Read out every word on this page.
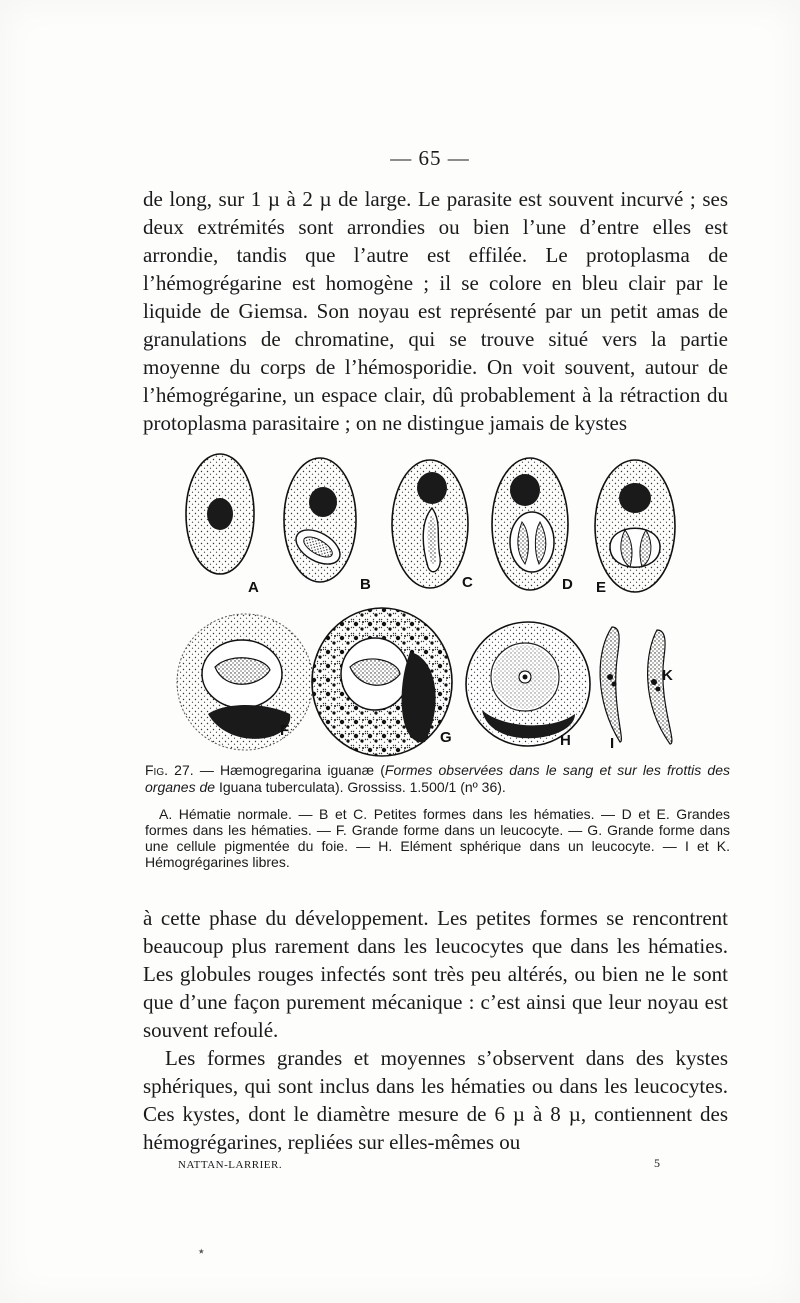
— 65 —

de long, sur 1 µ à 2 µ de large. Le parasite est souvent incurvé ; ses deux extrémités sont arrondies ou bien l’une d’entre elles est arrondie, tandis que l’autre est effilée. Le protoplasma de l’hémogrégarine est homogène ; il se colore en bleu clair par le liquide de Giemsa. Son noyau est représenté par un petit amas de granulations de chromatine, qui se trouve situé vers la partie moyenne du corps de l’hémosporidie. On voit souvent, autour de l’hémogrégarine, un espace clair, dû probablement à la rétraction du protoplasma parasitaire ; on ne distingue jamais de kystes

A	B	C	D E
F	G	H	I
K
Fig. 27. — Hæmogregarina iguanæ (Formes observées dans le sang et sur les frottis des organes de Iguana tuberculata). Grossiss. 1.500/1 (nº 36).

A. Hématie normale. — B et C. Petites formes dans les hématies. — D et E. Grandes formes dans les hématies. — F. Grande forme dans un leucocyte. — G. Grande forme dans une cellule pigmentée du foie. — H. Elément sphérique dans un leucocyte. — I et K. Hémogrégarines libres.

à cette phase du développement. Les petites formes se rencontrent beaucoup plus rarement dans les leucocytes que dans les hématies. Les globules rouges infectés sont très peu altérés, ou bien ne le sont que d’une façon purement mécanique : c’est ainsi que leur noyau est souvent refoulé.

Les formes grandes et moyennes s’observent dans des kystes sphériques, qui sont inclus dans les hématies ou dans les leucocytes. Ces kystes, dont le diamètre mesure de 6 µ à 8 µ, contiennent des hémogrégarines, repliées sur elles-mêmes ou

NATTAN-LARRIER.	5
٭
